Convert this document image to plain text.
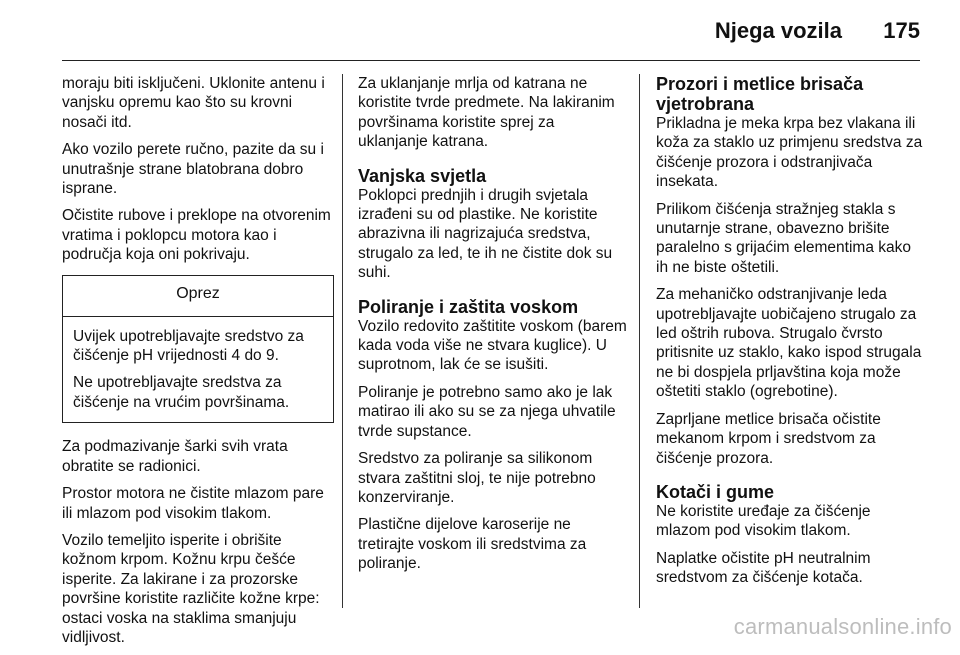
Njega vozila 175

moraju biti isključeni. Uklonite antenu i vanjsku opremu kao što su krovni nosači itd.

Ako vozilo perete ručno, pazite da su i unutrašnje strane blatobrana dobro isprane.

Očistite rubove i preklope na otvorenim vratima i poklopcu motora kao i područja koja oni pokrivaju.

Oprez

Uvijek upotrebljavajte sredstvo za čišćenje pH vrijednosti 4 do 9.

Ne upotrebljavajte sredstva za čišćenje na vrućim površinama.

Za podmazivanje šarki svih vrata obratite se radionici.

Prostor motora ne čistite mlazom pare ili mlazom pod visokim tlakom.

Vozilo temeljito isperite i obrišite kožnom krpom. Kožnu krpu češće isperite. Za lakirane i za prozorske površine koristite različite kožne krpe: ostaci voska na staklima smanjuju vidljivost.

Za uklanjanje mrlja od katrana ne koristite tvrde predmete. Na lakiranim površinama koristite sprej za uklanjanje katrana.

Vanjska svjetla

Poklopci prednjih i drugih svjetala izrađeni su od plastike. Ne koristite abrazivna ili nagrizajuća sredstva, strugalo za led, te ih ne čistite dok su suhi.

Poliranje i zaštita voskom

Vozilo redovito zaštitite voskom (barem kada voda više ne stvara kuglice). U suprotnom, lak će se isušiti.

Poliranje je potrebno samo ako je lak matirao ili ako su se za njega uhvatile tvrde supstance.

Sredstvo za poliranje sa silikonom stvara zaštitni sloj, te nije potrebno konzerviranje.

Plastične dijelove karoserije ne tretirajte voskom ili sredstvima za poliranje.

Prozori i metlice brisača vjetrobrana

Prikladna je meka krpa bez vlakana ili koža za staklo uz primjenu sredstva za čišćenje prozora i odstranjivača insekata.

Prilikom čišćenja stražnjeg stakla s unutarnje strane, obavezno brišite paralelno s grijaćim elementima kako ih ne biste oštetili.

Za mehaničko odstranjivanje leda upotrebljavajte uobičajeno strugalo za led oštrih rubova. Strugalo čvrsto pritisnite uz staklo, kako ispod strugala ne bi dospjela prljavština koja može oštetiti staklo (ogrebotine).

Zaprljane metlice brisača očistite mekanom krpom i sredstvom za čišćenje prozora.

Kotači i gume

Ne koristite uređaje za čišćenje mlazom pod visokim tlakom.

Naplatke očistite pH neutralnim sredstvom za čišćenje kotača.

carmanualsonline.info
